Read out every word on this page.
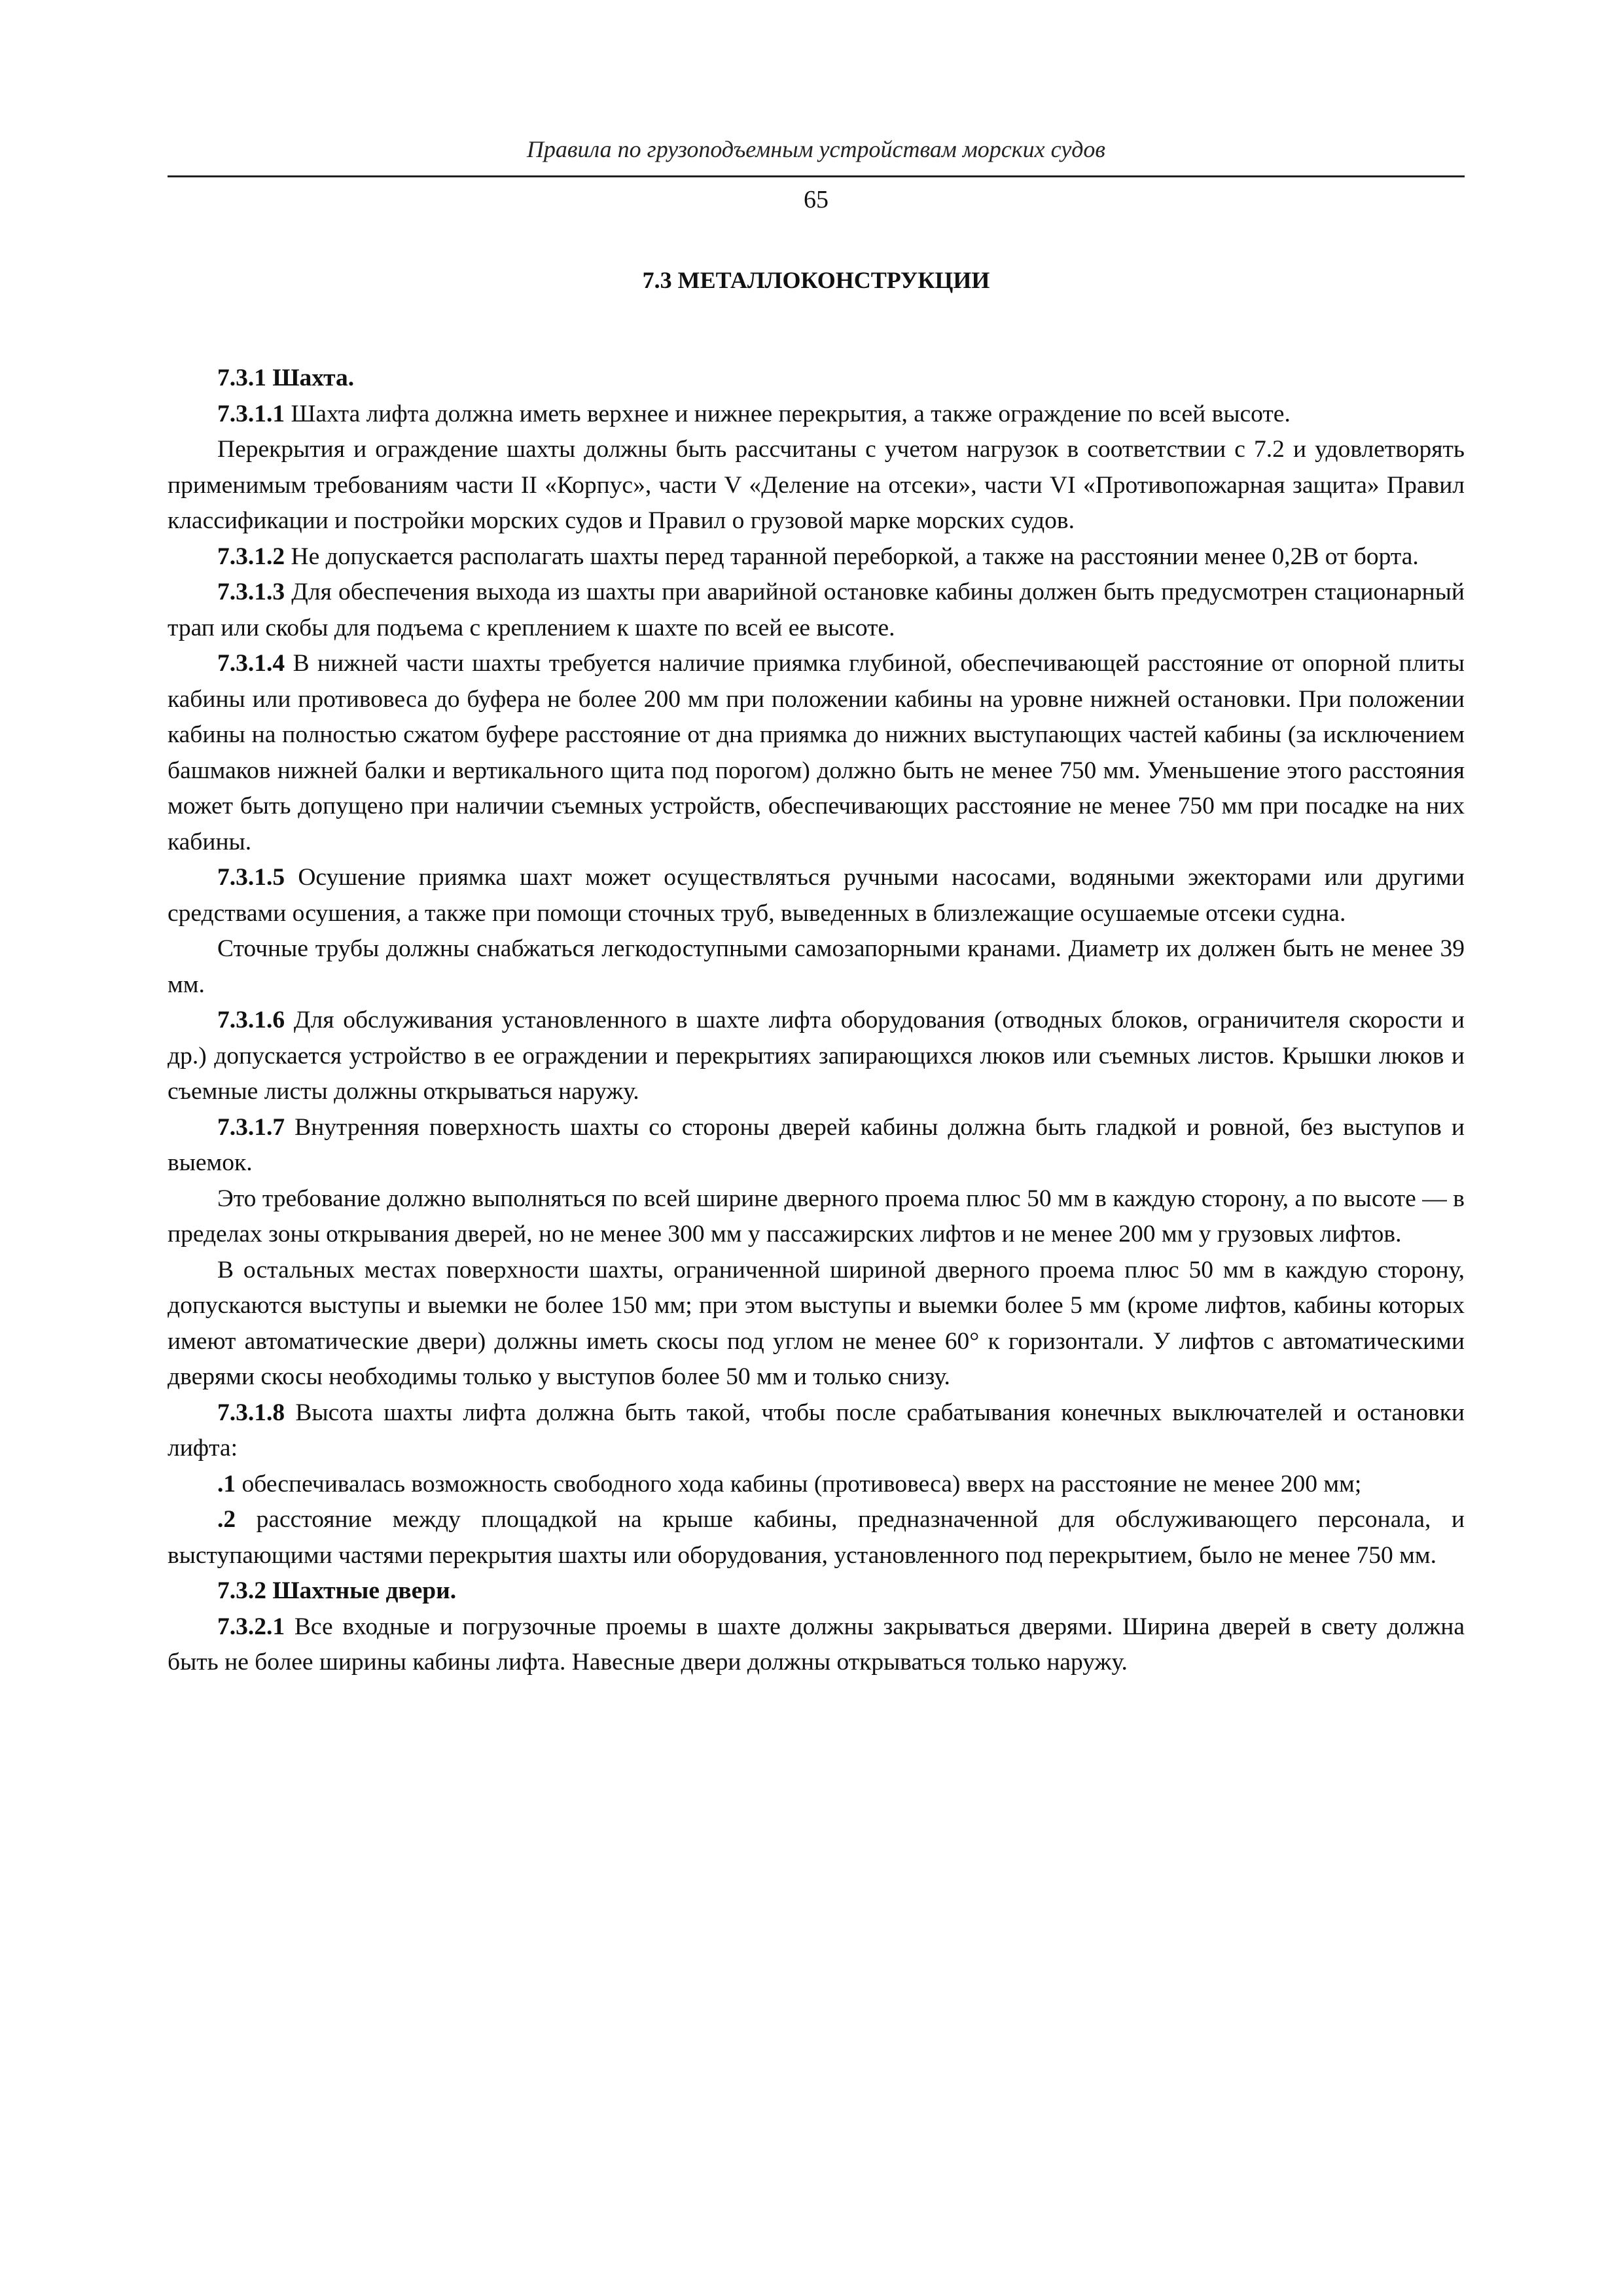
Правила по грузоподъемным устройствам морских судов
65
7.3 МЕТАЛЛОКОНСТРУКЦИИ

7.3.1 Шахта.

7.3.1.1 Шахта лифта должна иметь верхнее и нижнее перекрытия, а также ограждение по всей высоте.

Перекрытия и ограждение шахты должны быть рассчитаны с учетом нагрузок в соответствии с 7.2 и удовлетворять применимым требованиям части II «Корпус», части V «Деление на отсеки», части VI «Противопожарная защита» Правил классификации и постройки морских судов и Правил о грузовой марке морских судов.

7.3.1.2 Не допускается располагать шахты перед таранной переборкой, а также на расстоянии менее 0,2B от борта.

7.3.1.3 Для обеспечения выхода из шахты при аварийной остановке кабины должен быть предусмотрен стационарный трап или скобы для подъема с креплением к шахте по всей ее высоте.

7.3.1.4 В нижней части шахты требуется наличие приямка глубиной, обеспечивающей расстояние от опорной плиты кабины или противовеса до буфера не более 200 мм при положении кабины на уровне нижней остановки. При положении кабины на полностью сжатом буфере расстояние от дна приямка до нижних выступающих частей кабины (за исключением башмаков нижней балки и вертикального щита под порогом) должно быть не менее 750 мм. Уменьшение этого расстояния может быть допущено при наличии съемных устройств, обеспечивающих расстояние не менее 750 мм при посадке на них кабины.

7.3.1.5 Осушение приямка шахт может осуществляться ручными насосами, водяными эжекторами или другими средствами осушения, а также при помощи сточных труб, выведенных в близлежащие осушаемые отсеки судна.

Сточные трубы должны снабжаться легкодоступными самозапорными кранами. Диаметр их должен быть не менее 39 мм.

7.3.1.6 Для обслуживания установленного в шахте лифта оборудования (отводных блоков, ограничителя скорости и др.) допускается устройство в ее ограждении и перекрытиях запирающихся люков или съемных листов. Крышки люков и съемные листы должны открываться наружу.

7.3.1.7 Внутренняя поверхность шахты со стороны дверей кабины должна быть гладкой и ровной, без выступов и выемок.

Это требование должно выполняться по всей ширине дверного проема плюс 50 мм в каждую сторону, а по высоте — в пределах зоны открывания дверей, но не менее 300 мм у пассажирских лифтов и не менее 200 мм у грузовых лифтов.

В остальных местах поверхности шахты, ограниченной шириной дверного проема плюс 50 мм в каждую сторону, допускаются выступы и выемки не более 150 мм; при этом выступы и выемки более 5 мм (кроме лифтов, кабины которых имеют автоматические двери) должны иметь скосы под углом не менее 60° к горизонтали. У лифтов с автоматическими дверями скосы необходимы только у выступов более 50 мм и только снизу.

7.3.1.8 Высота шахты лифта должна быть такой, чтобы после срабатывания конечных выключателей и остановки лифта:

.1 обеспечивалась возможность свободного хода кабины (противовеса) вверх на расстояние не менее 200 мм;

.2 расстояние между площадкой на крыше кабины, предназначенной для обслуживающего персонала, и выступающими частями перекрытия шахты или оборудования, установленного под перекрытием, было не менее 750 мм.

7.3.2 Шахтные двери.

7.3.2.1 Все входные и погрузочные проемы в шахте должны закрываться дверями. Ширина дверей в свету должна быть не более ширины кабины лифта. Навесные двери должны открываться только наружу.
